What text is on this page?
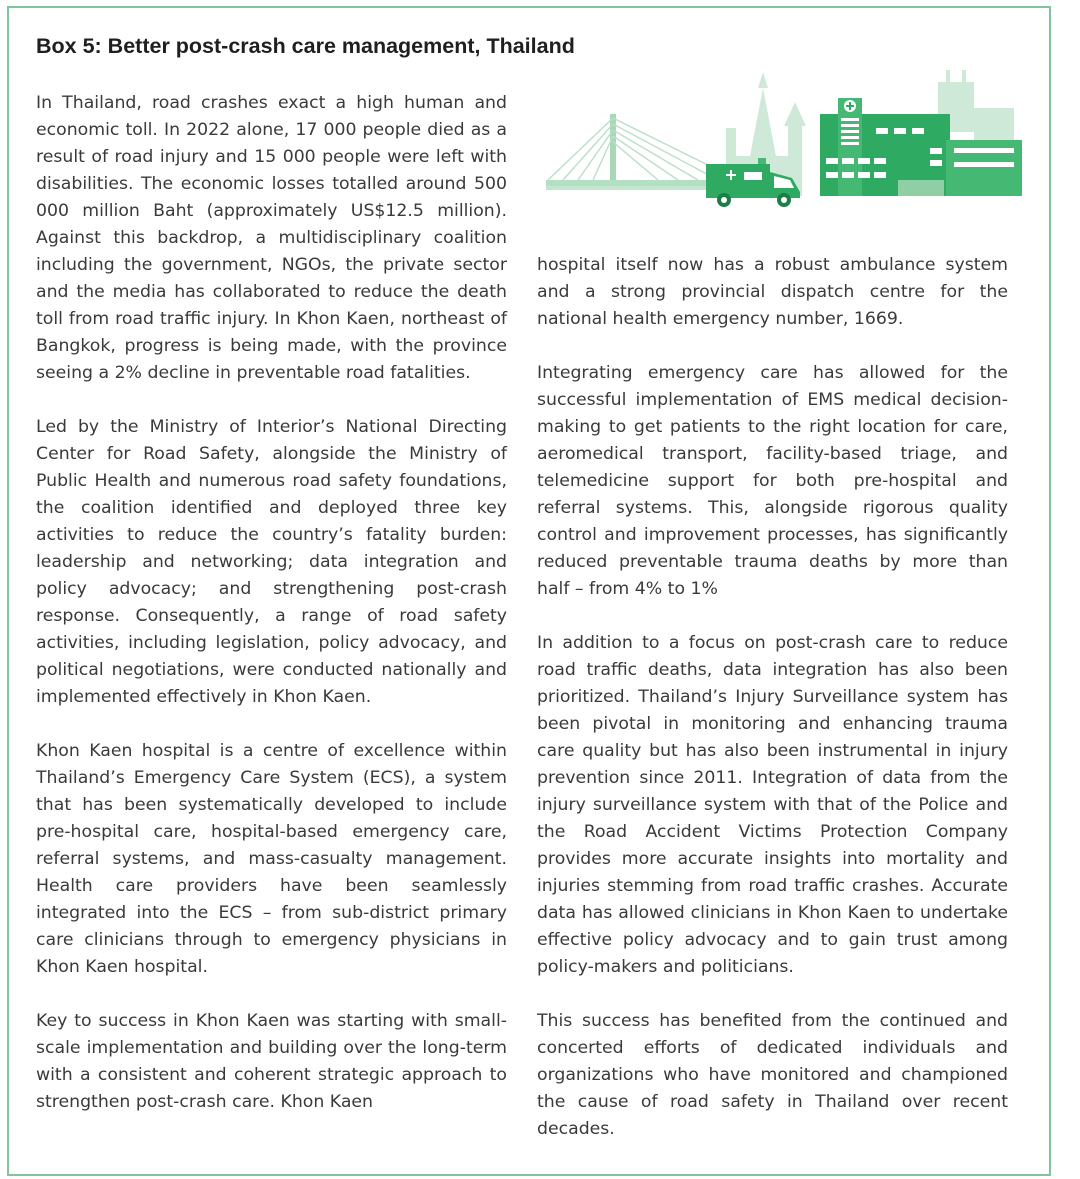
Box 5: Better post-crash care management, Thailand

In Thailand, road crashes exact a high human and economic toll. In 2022 alone, 17 000 people died as a result of road injury and 15 000 people were left with disabilities. The economic losses totalled around 500 000 million Baht (approximately US$12.5 million). Against this backdrop, a multidisciplinary coalition including the government, NGOs, the private sector and the media has collaborated to reduce the death toll from road traffic injury. In Khon Kaen, northeast of Bangkok, progress is being made, with the province seeing a 2% decline in preventable road fatalities.

Led by the Ministry of Interior’s National Directing Center for Road Safety, alongside the Ministry of Public Health and numerous road safety foundations, the coalition identified and deployed three key activities to reduce the country’s fatality burden: leadership and networking; data integration and policy advocacy; and strengthening post-crash response. Consequently, a range of road safety activities, including legislation, policy advocacy, and political negotiations, were conducted nationally and implemented effectively in Khon Kaen.

Khon Kaen hospital is a centre of excellence within Thailand’s Emergency Care System (ECS), a system that has been systematically developed to include pre-hospital care, hospital-based emergency care, referral systems, and mass-casualty management. Health care providers have been seamlessly integrated into the ECS – from sub-district primary care clinicians through to emergency physicians in Khon Kaen hospital.

Key to success in Khon Kaen was starting with small-scale implementation and building over the long-term with a consistent and coherent strategic approach to strengthen post-crash care. Khon Kaen

hospital itself now has a robust ambulance system and a strong provincial dispatch centre for the national health emergency number, 1669.

Integrating emergency care has allowed for the successful implementation of EMS medical decision-making to get patients to the right location for care, aeromedical transport, facility-based triage, and telemedicine support for both pre-hospital and referral systems. This, alongside rigorous quality control and improvement processes, has significantly reduced preventable trauma deaths by more than half – from 4% to 1%

In addition to a focus on post-crash care to reduce road traffic deaths, data integration has also been prioritized. Thailand’s Injury Surveillance system has been pivotal in monitoring and enhancing trauma care quality but has also been instrumental in injury prevention since 2011. Integration of data from the injury surveillance system with that of the Police and the Road Accident Victims Protection Company provides more accurate insights into mortality and injuries stemming from road traffic crashes. Accurate data has allowed clinicians in Khon Kaen to undertake effective policy advocacy and to gain trust among policy-makers and politicians.

This success has benefited from the continued and concerted efforts of dedicated individuals and organizations who have monitored and championed the cause of road safety in Thailand over recent decades.
